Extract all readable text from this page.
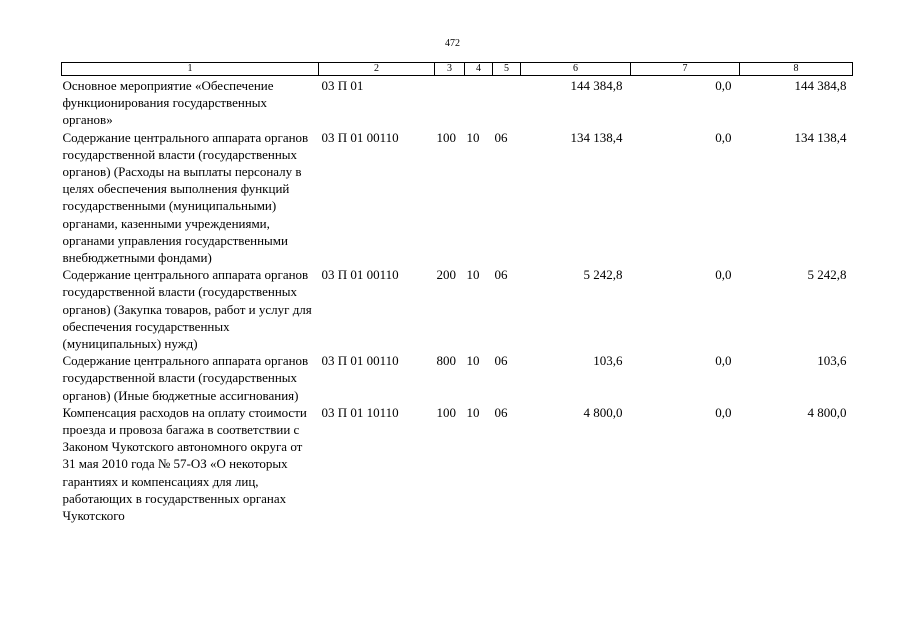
472
1	2	3	4	5	6	7	8
Основное мероприятие «Обеспечение функционирования государственных органов»	03 П 01				144 384,8	0,0	144 384,8
Содержание центрального аппарата органов государственной власти (государственных органов) (Расходы на выплаты персоналу в целях обеспечения выполнения функций государственными (муниципальными) органами, казенными учреждениями, органами управления государственными внебюджетными фондами)	03 П 01 00110	100	10	06	134 138,4	0,0	134 138,4
Содержание центрального аппарата органов государственной власти (государственных органов) (Закупка товаров, работ и услуг для обеспечения государственных (муниципальных) нужд)	03 П 01 00110	200	10	06	5 242,8	0,0	5 242,8
Содержание центрального аппарата органов государственной власти (государственных органов) (Иные бюджетные ассигнования)	03 П 01 00110	800	10	06	103,6	0,0	103,6
Компенсация расходов на оплату стоимости проезда и провоза багажа в соответствии с Законом Чукотского автономного округа от 31 мая 2010 года № 57-ОЗ «О некоторых гарантиях и компенсациях для лиц, работающих в государственных органах Чукотского	03 П 01 10110	100	10	06	4 800,0	0,0	4 800,0
